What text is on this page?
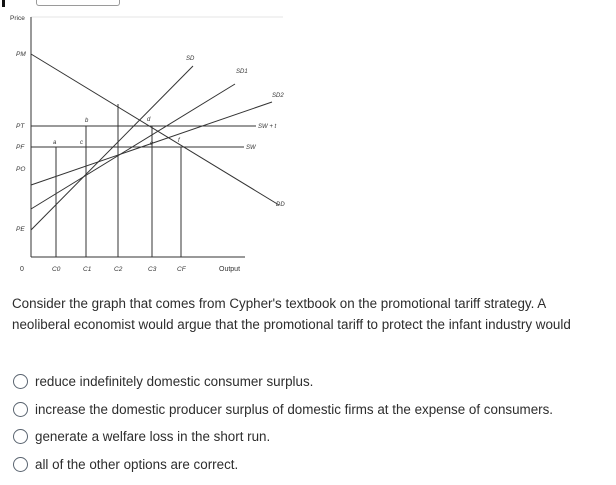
Price
Output
0
PM
PT
PF
PO
PE
C0	C1	C2	C3	CF
a
b
c
d
e	f
SD
SD1
SD2
SW + t
SW
DD
Consider the graph that comes from Cypher's textbook on the promotional tariff strategy. A neoliberal economist would argue that the promotional tariff to protect the infant industry would
reduce indefinitely domestic consumer surplus.
increase the domestic producer surplus of domestic firms at the expense of consumers.
generate a welfare loss in the short run.
all of the other options are correct.
